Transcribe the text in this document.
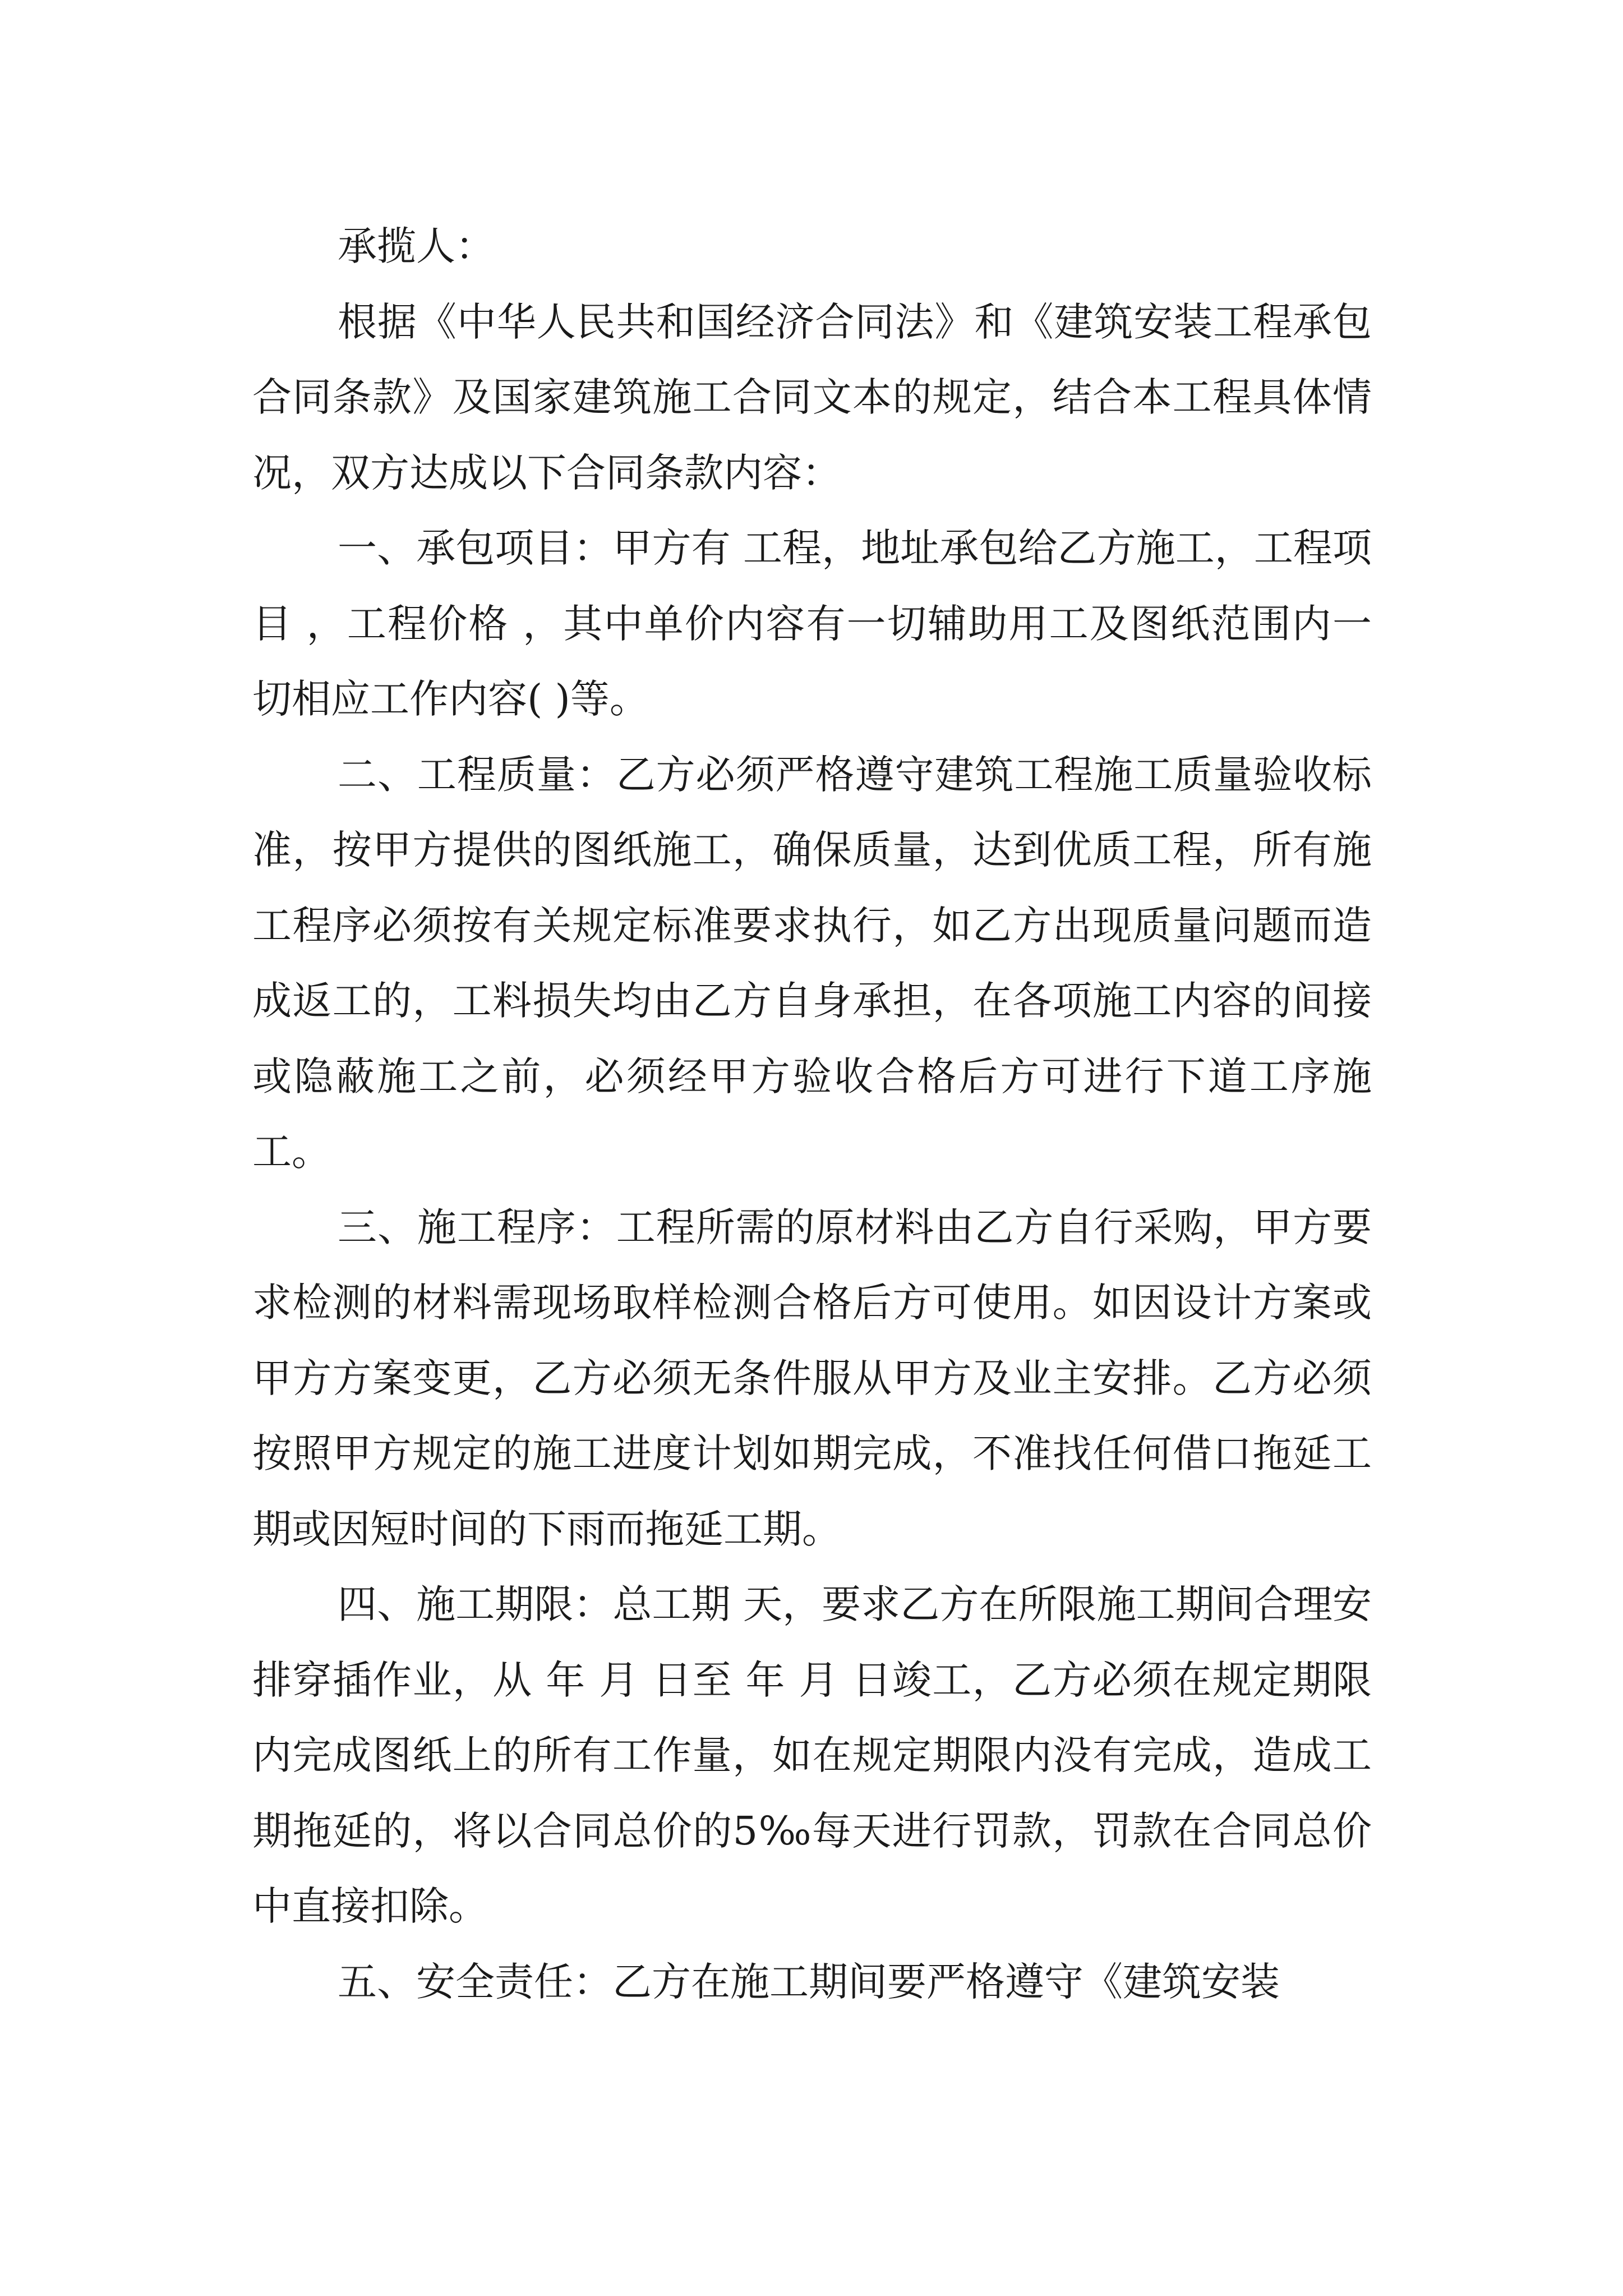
承揽人：

根据《中华人民共和国经济合同法》和《建筑安装工程承包合同条款》及国家建筑施工合同文本的规定，结合本工程具体情况，双方达成以下合同条款内容：

一、承包项目：甲方有 工程，地址承包给乙方施工，工程项目 ，工程价格 ，其中单价内容有一切辅助用工及图纸范围内一切相应工作内容( )等。

二、工程质量：乙方必须严格遵守建筑工程施工质量验收标准，按甲方提供的图纸施工，确保质量，达到优质工程，所有施工程序必须按有关规定标准要求执行，如乙方出现质量问题而造成返工的，工料损失均由乙方自身承担，在各项施工内容的间接或隐蔽施工之前，必须经甲方验收合格后方可进行下道工序施工。

三、施工程序：工程所需的原材料由乙方自行采购，甲方要求检测的材料需现场取样检测合格后方可使用。如因设计方案或甲方方案变更，乙方必须无条件服从甲方及业主安排。乙方必须按照甲方规定的施工进度计划如期完成，不准找任何借口拖延工期或因短时间的下雨而拖延工期。

四、施工期限：总工期 天，要求乙方在所限施工期间合理安排穿插作业，从 年 月 日至 年 月 日竣工，乙方必须在规定期限内完成图纸上的所有工作量，如在规定期限内没有完成，造成工期拖延的，将以合同总价的5‰每天进行罚款，罚款在合同总价中直接扣除。

五、安全责任：乙方在施工期间要严格遵守《建筑安装
